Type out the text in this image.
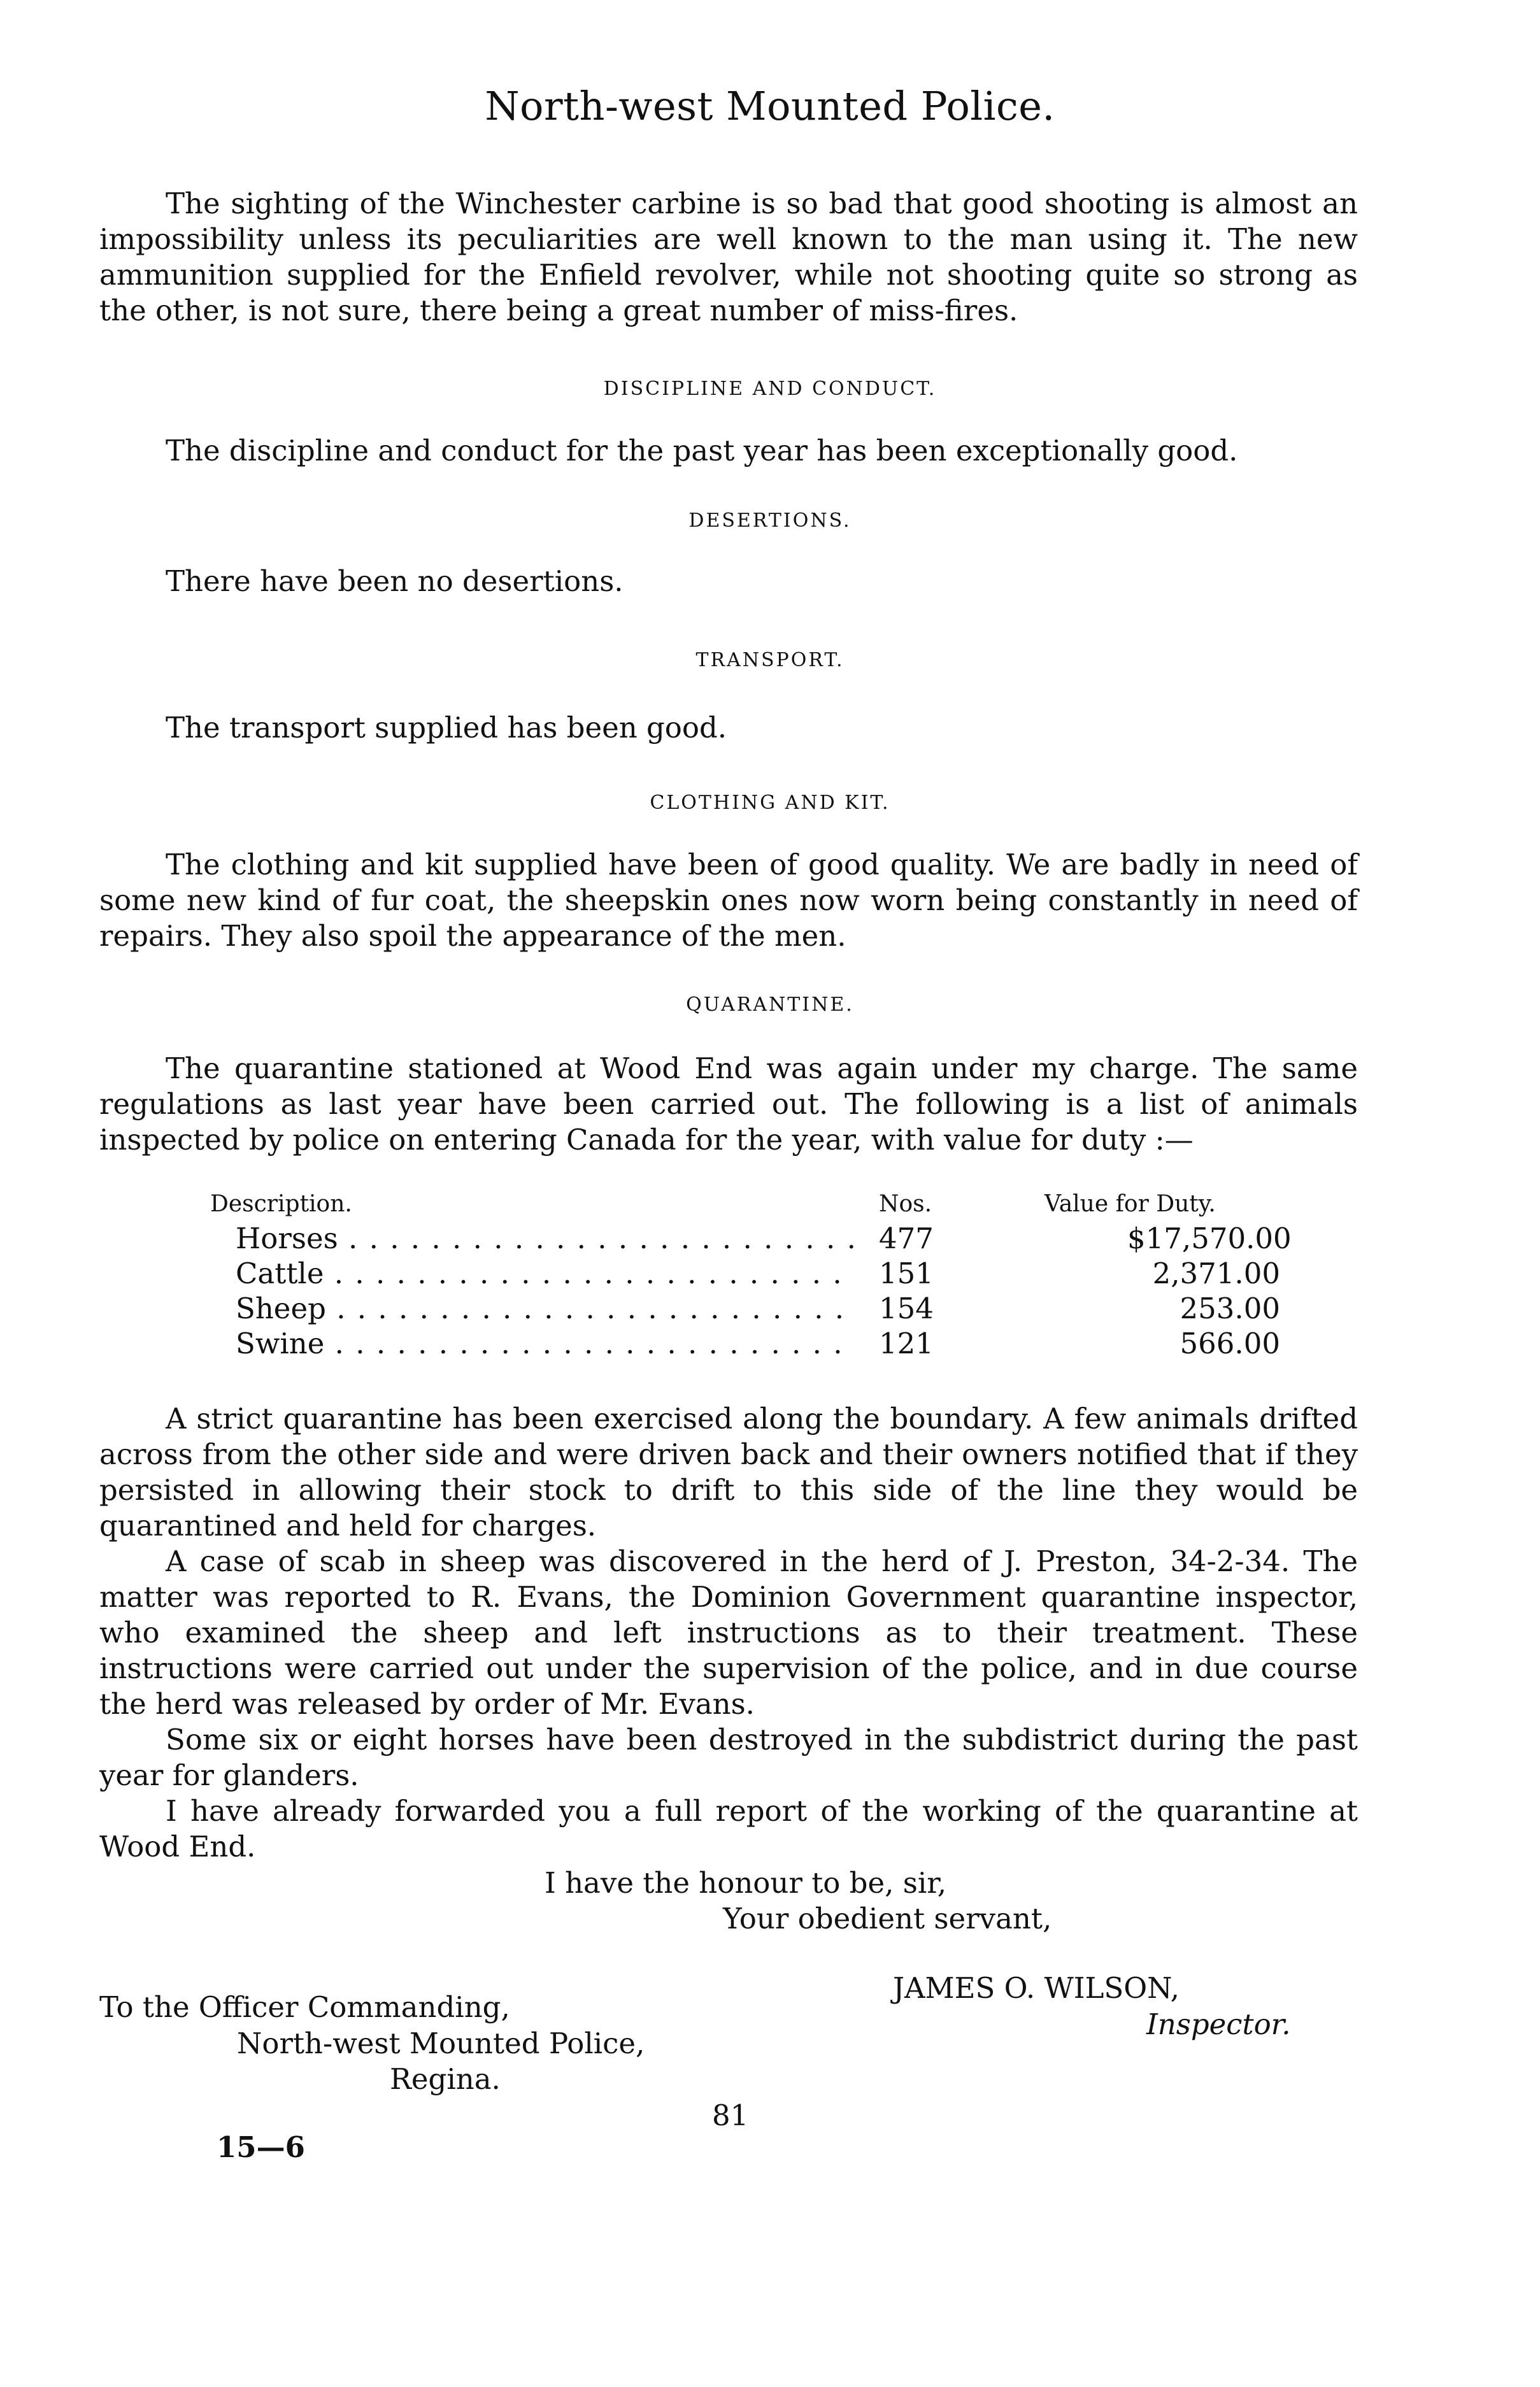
North-west Mounted Police.

The sighting of the Winchester carbine is so bad that good shooting is almost an impossibility unless its peculiarities are well known to the man using it. The new ammunition supplied for the Enfield revolver, while not shooting quite so strong as the other, is not sure, there being a great number of miss-fires.

DISCIPLINE AND CONDUCT.
The discipline and conduct for the past year has been exceptionally good.
DESERTIONS.
There have been no desertions.
TRANSPORT.
The transport supplied has been good.
CLOTHING AND KIT.

The clothing and kit supplied have been of good quality. We are badly in need of some new kind of fur coat, the sheepskin ones now worn being constantly in need of repairs. They also spoil the appearance of the men.

QUARANTINE.

The quarantine stationed at Wood End was again under my charge. The same regulations as last year have been carried out. The following is a list of animals inspected by police on entering Canada for the year, with value for duty :—

Description.	Nos.	Value for Duty.
Horses . . .	477	$17,570.00
Cattle . . .	151	2,371.00
Sheep . . .	154	253.00
Swine . . .	121	566.00

A strict quarantine has been exercised along the boundary. A few animals drifted across from the other side and were driven back and their owners notified that if they persisted in allowing their stock to drift to this side of the line they would be quarantined and held for charges.

A case of scab in sheep was discovered in the herd of J. Preston, 34-2-34. The matter was reported to R. Evans, the Dominion Government quarantine inspector, who examined the sheep and left instructions as to their treatment. These instructions were carried out under the supervision of the police, and in due course the herd was released by order of Mr. Evans.

Some six or eight horses have been destroyed in the subdistrict during the past year for glanders.

I have already forwarded you a full report of the working of the quarantine at Wood End.

I have the honour to be, sir,
Your obedient servant,
JAMES O. WILSON,
Inspector.
To the Officer Commanding,
North-west Mounted Police,
Regina.
81
15—6
